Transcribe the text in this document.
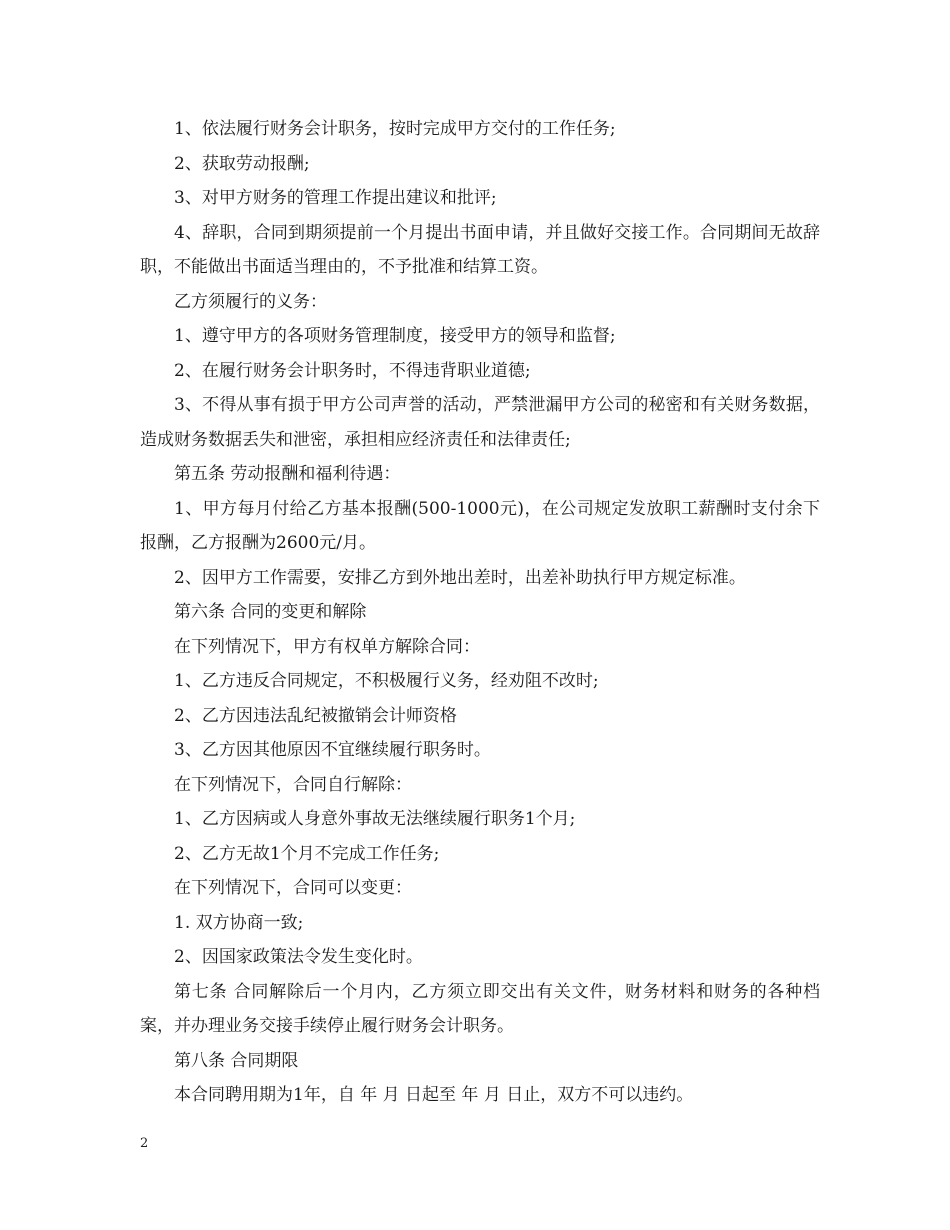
1、依法履行财务会计职务，按时完成甲方交付的工作任务;

2、获取劳动报酬;

3、对甲方财务的管理工作提出建议和批评;

4、辞职，合同到期须提前一个月提出书面申请，并且做好交接工作。合同期间无故辞职，不能做出书面适当理由的，不予批准和结算工资。

乙方须履行的义务：

1、遵守甲方的各项财务管理制度，接受甲方的领导和监督;

2、在履行财务会计职务时，不得违背职业道德;

3、不得从事有损于甲方公司声誉的活动，严禁泄漏甲方公司的秘密和有关财务数据，造成财务数据丢失和泄密，承担相应经济责任和法律责任;

第五条 劳动报酬和福利待遇：

1、甲方每月付给乙方基本报酬(500-1000元)，在公司规定发放职工薪酬时支付余下报酬，乙方报酬为2600元/月。

2、因甲方工作需要，安排乙方到外地出差时，出差补助执行甲方规定标准。

第六条 合同的变更和解除

在下列情况下，甲方有权单方解除合同：

1、乙方违反合同规定，不积极履行义务，经劝阻不改时;

2、乙方因违法乱纪被撤销会计师资格

3、乙方因其他原因不宜继续履行职务时。

在下列情况下，合同自行解除：

1、乙方因病或人身意外事故无法继续履行职务1个月;

2、乙方无故1个月不完成工作任务;

在下列情况下，合同可以变更：

1. 双方协商一致;

2、因国家政策法令发生变化时。

第七条 合同解除后一个月内，乙方须立即交出有关文件，财务材料和财务的各种档案，并办理业务交接手续停止履行财务会计职务。

第八条 合同期限

本合同聘用期为1年，自 年 月 日起至 年 月 日止，双方不可以违约。

2
